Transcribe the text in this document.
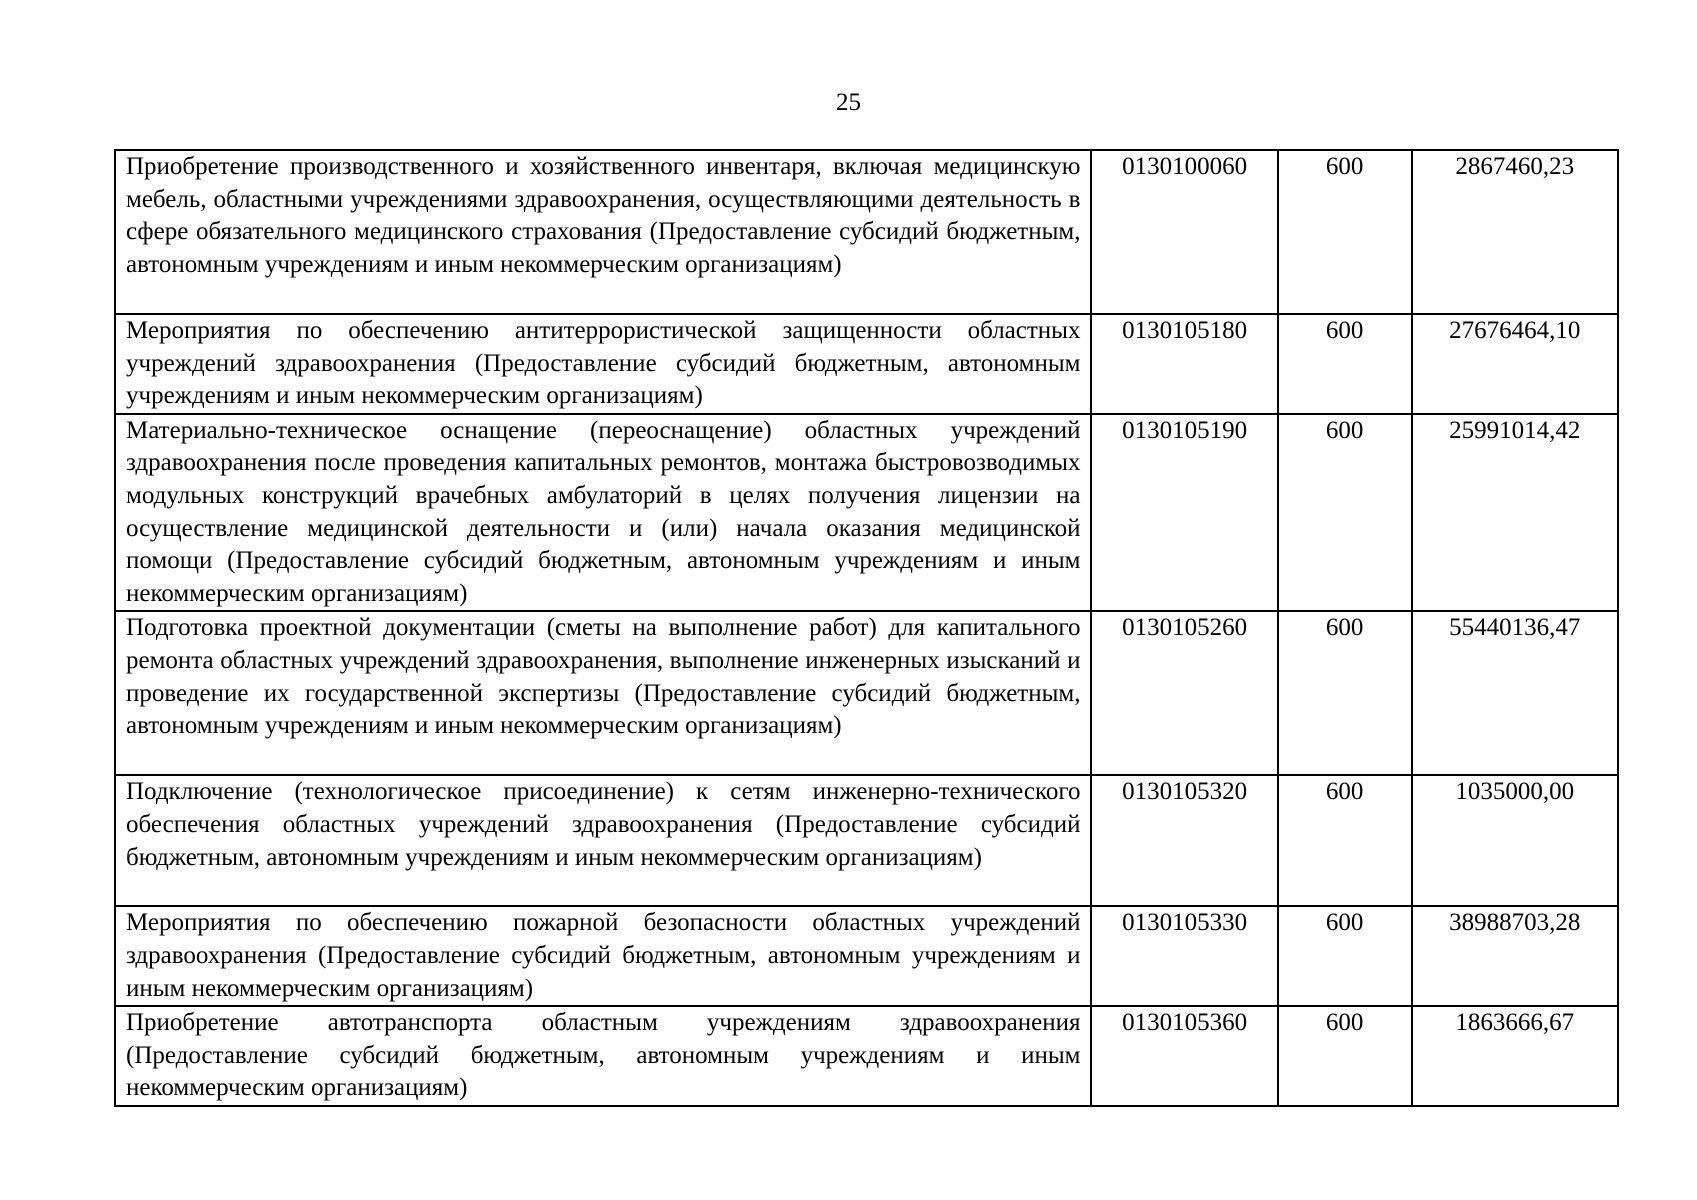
25
Приобретение производственного и хозяйственного инвентаря, включая медицинскую мебель, областными учреждениями здравоохранения, осуществляющими деятельность в сфере обязательного медицинского страхования (Предоставление субсидий бюджетным, автономным учреждениям и иным некоммерческим организациям)	0130100060	600	2867460,23
Мероприятия по обеспечению антитеррористической защищенности областных учреждений здравоохранения (Предоставление субсидий бюджетным, автономным учреждениям и иным некоммерческим организациям)	0130105180	600	27676464,10
Материально-техническое оснащение (переоснащение) областных учреждений здравоохранения после проведения капитальных ремонтов, монтажа быстровозводимых модульных конструкций врачебных амбулаторий в целях получения лицензии на осуществление медицинской деятельности и (или) начала оказания медицинской помощи (Предоставление субсидий бюджетным, автономным учреждениям и иным некоммерческим организациям)	0130105190	600	25991014,42
Подготовка проектной документации (сметы на выполнение работ) для капитального ремонта областных учреждений здравоохранения, выполнение инженерных изысканий и проведение их государственной экспертизы (Предоставление субсидий бюджетным, автономным учреждениям и иным некоммерческим организациям)	0130105260	600	55440136,47
Подключение (технологическое присоединение) к сетям инженерно-технического обеспечения областных учреждений здравоохранения (Предоставление субсидий бюджетным, автономным учреждениям и иным некоммерческим организациям)	0130105320	600	1035000,00
Мероприятия по обеспечению пожарной безопасности областных учреждений здравоохранения (Предоставление субсидий бюджетным, автономным учреждениям и иным некоммерческим организациям)	0130105330	600	38988703,28
Приобретение автотранспорта областным учреждениям здравоохранения (Предоставление субсидий бюджетным, автономным учреждениям и иным некоммерческим организациям)	0130105360	600	1863666,67
